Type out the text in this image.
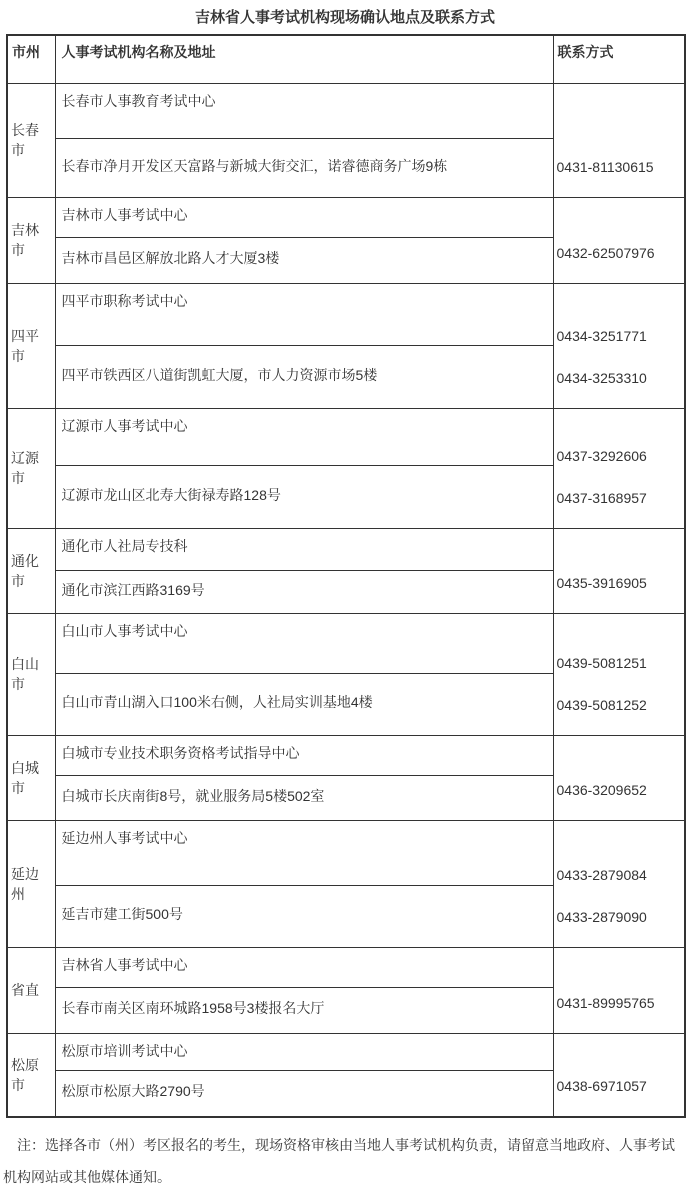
吉林省人事考试机构现场确认地点及联系方式
市州	人事考试机构名称及地址	联系方式
长春市	长春市人事教育考试中心	0431-81130615

	长春市净月开发区天富路与新城大街交汇，诺睿德商务广场9栋	
吉林市	吉林市人事考试中心	0432-62507976

	吉林市昌邑区解放北路人才大厦3楼	
四平市	四平市职称考试中心	0434-3251771
0434-3253310

	四平市铁西区八道街凯虹大厦，市人力资源市场5楼	
辽源市	辽源市人事考试中心	0437-3292606
0437-3168957

	辽源市龙山区北寿大街禄寿路128号	
通化市	通化市人社局专技科	0435-3916905

	通化市滨江西路3169号	
白山市	白山市人事考试中心	0439-5081251
0439-5081252

	白山市青山湖入口100米右侧，人社局实训基地4楼	
白城市	白城市专业技术职务资格考试指导中心	0436-3209652

	白城市长庆南街8号，就业服务局5楼502室	
延边州	延边州人事考试中心	0433-2879084
0433-2879090

	延吉市建工街500号	
省直	吉林省人事考试中心	0431-89995765

	长春市南关区南环城路1958号3楼报名大厅	
松原市	松原市培训考试中心	0438-6971057

	松原市松原大路2790号	

注：选择各市（州）考区报名的考生，现场资格审核由当地人事考试机构负责，请留意当地政府、人事考试机构网站或其他媒体通知。
